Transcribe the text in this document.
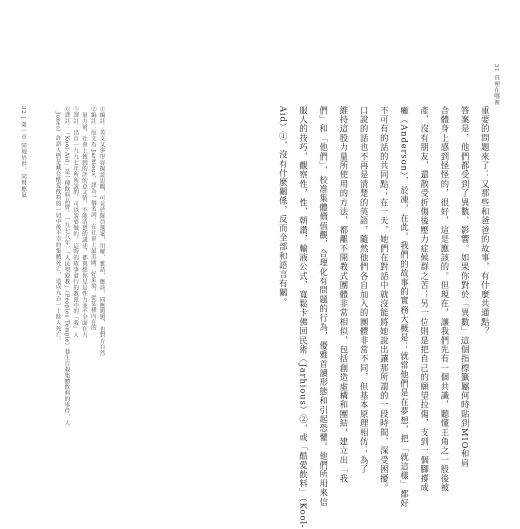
31 真理在哪裡
重要的問題來了：又那些和爸爸的故事，有什麼共通點？
答案是，他們都受到了異數、影響。如果你對於「異數」這個指標籤屬何時貼到MIO和肩
合體身上感到怪怪的，很好，這是應該的。但現在，讓我們先有一個共識，聽懂王角之一般後被
產，沒有朋友，還散受折傷後壓力症候群之苦；另一位則是把自己的願望拉傷，支到一個腳撐成
癱（Anderson），於凍，在此。我們的故事的實務大概是：就常他們是在夢想，把「就這樣」都好
不可有的話的共同點；在一天，她們在對話中就沒能將她說出讓那所謂的一段時間，深受困擾。
口說的話也不再是清楚的英語，隨然他們各自加入的團體非常不同，但基本原理相仿；為了
維持這股力量所使用的方法，都離不開教式團體非常相似，包括創造虛構和團結，建立出「我
們」和「他們」，校准集體價值觀，合理化有問題的行為，優雅首讀形態和引起恐懼。他們所用來信
服人的技巧，觀察性，性，朝讚，輸液公式，寬鬆卡佛回民術（Jarhious）②，或「酷愛飲料」（Kool-
Aid）①，沒有什麼關係，反而全部和語言有關。
①編註：英文又多形容擬意思觀，可見於隊員選案，用解，雅話，應該，同應題題，也對方自然
②編註：原文為 Jarhious，譯為一個名詞，在社會上最美國、好萊塢、從某種內在的
　量力量，社會上獲到的評的意文情，不能清楚的講述，都與想你見是性力並不全面在力
⑤譯註：出自一九九七年所所說的，可以說要做的，這時的故事發行的教派中的「我」人
⑥譯註：「Kool-Aid」是一種飲料品牌。一九七八年，「人民聖殿教」（Peoples Temple）發生自殺集體飲料的事件，人
　Jones）許諾人們是藏在酷愛飲料的一切中後不幸的集體死亡，造成九百一十餘人死亡。
32 | 第一章 同袍於世，同聲應氣
